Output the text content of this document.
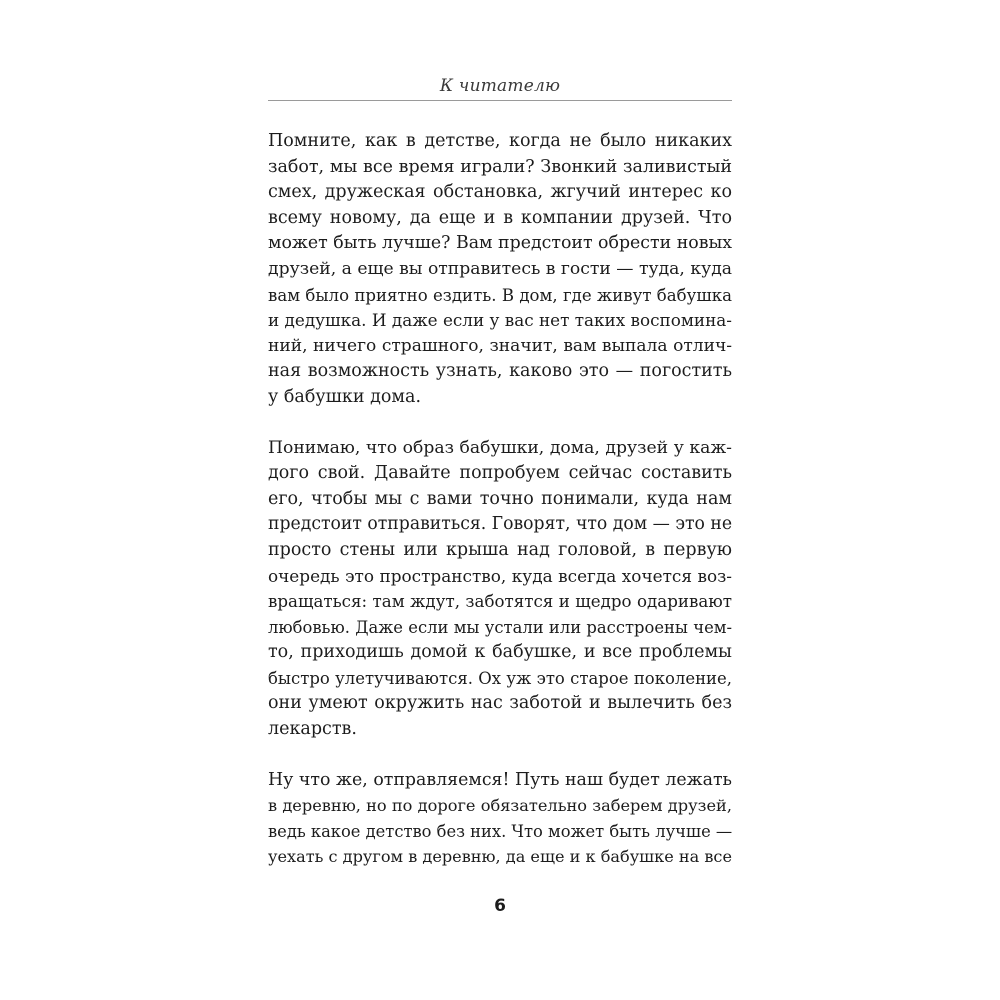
К читателю

Помните, как в детстве, когда не было никаких
забот, мы все время играли? Звонкий заливистый
смех, дружеская обстановка, жгучий интерес ко
всему новому, да еще и в компании друзей. Что
может быть лучше? Вам предстоит обрести новых
друзей, а еще вы отправитесь в гости — туда, куда
вам было приятно ездить. В дом, где живут бабушка
и дедушка. И даже если у вас нет таких воспомина-
ний, ничего страшного, значит, вам выпала отлич-
ная возможность узнать, каково это — погостить
у бабушки дома.

Понимаю, что образ бабушки, дома, друзей у каж-
дого свой. Давайте попробуем сейчас составить
его, чтобы мы с вами точно понимали, куда нам
предстоит отправиться. Говорят, что дом — это не
просто стены или крыша над головой, в первую
очередь это пространство, куда всегда хочется воз-
вращаться: там ждут, заботятся и щедро одаривают
любовью. Даже если мы устали или расстроены чем-
то, приходишь домой к бабушке, и все проблемы
быстро улетучиваются. Ох уж это старое поколение,
они умеют окружить нас заботой и вылечить без
лекарств.

Ну что же, отправляемся! Путь наш будет лежать
в деревню, но по дороге обязательно заберем друзей,
ведь какое детство без них. Что может быть лучше —
уехать с другом в деревню, да еще и к бабушке на все

6
